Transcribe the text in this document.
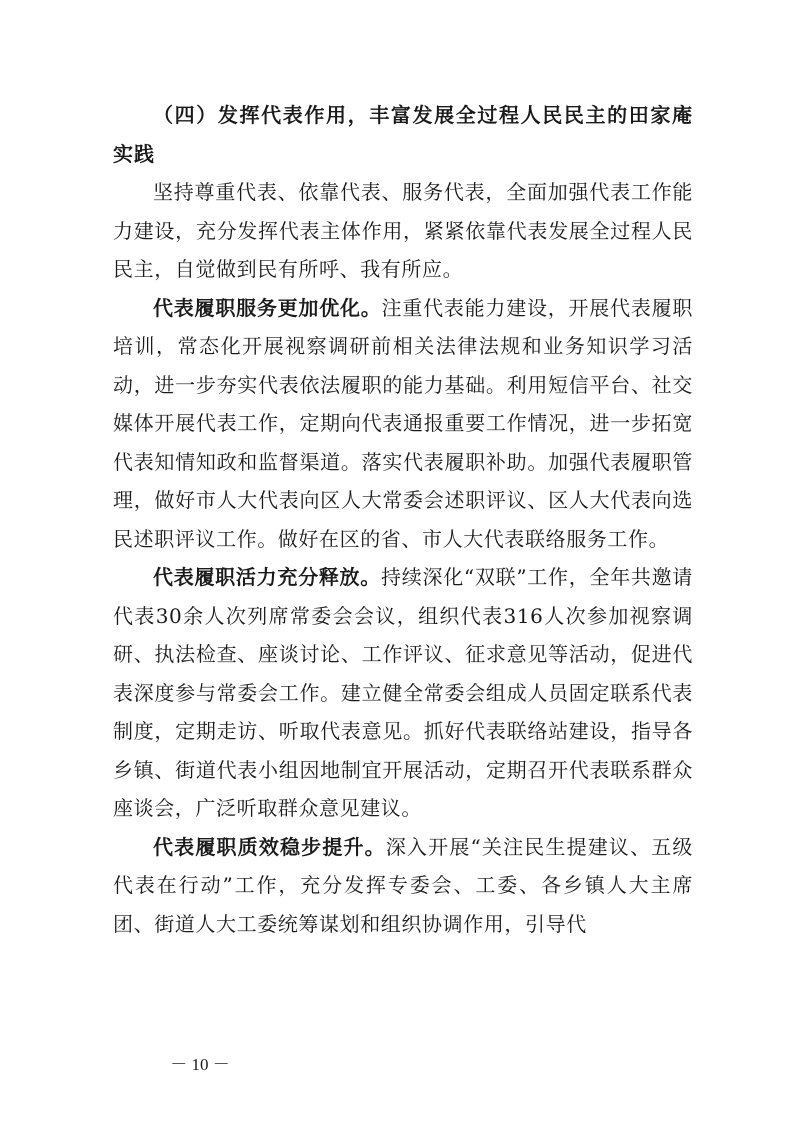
（四）发挥代表作用，丰富发展全过程人民民主的田家庵实践

坚持尊重代表、依靠代表、服务代表，全面加强代表工作能力建设，充分发挥代表主体作用，紧紧依靠代表发展全过程人民民主，自觉做到民有所呼、我有所应。

代表履职服务更加优化。注重代表能力建设，开展代表履职培训，常态化开展视察调研前相关法律法规和业务知识学习活动，进一步夯实代表依法履职的能力基础。利用短信平台、社交媒体开展代表工作，定期向代表通报重要工作情况，进一步拓宽代表知情知政和监督渠道。落实代表履职补助。加强代表履职管理，做好市人大代表向区人大常委会述职评议、区人大代表向选民述职评议工作。做好在区的省、市人大代表联络服务工作。

代表履职活力充分释放。持续深化“双联”工作，全年共邀请代表30余人次列席常委会会议，组织代表316人次参加视察调研、执法检查、座谈讨论、工作评议、征求意见等活动，促进代表深度参与常委会工作。建立健全常委会组成人员固定联系代表制度，定期走访、听取代表意见。抓好代表联络站建设，指导各乡镇、街道代表小组因地制宜开展活动，定期召开代表联系群众座谈会，广泛听取群众意见建议。

代表履职质效稳步提升。深入开展“关注民生提建议、五级代表在行动”工作，充分发挥专委会、工委、各乡镇人大主席团、街道人大工委统筹谋划和组织协调作用，引导代

－ 10 －
